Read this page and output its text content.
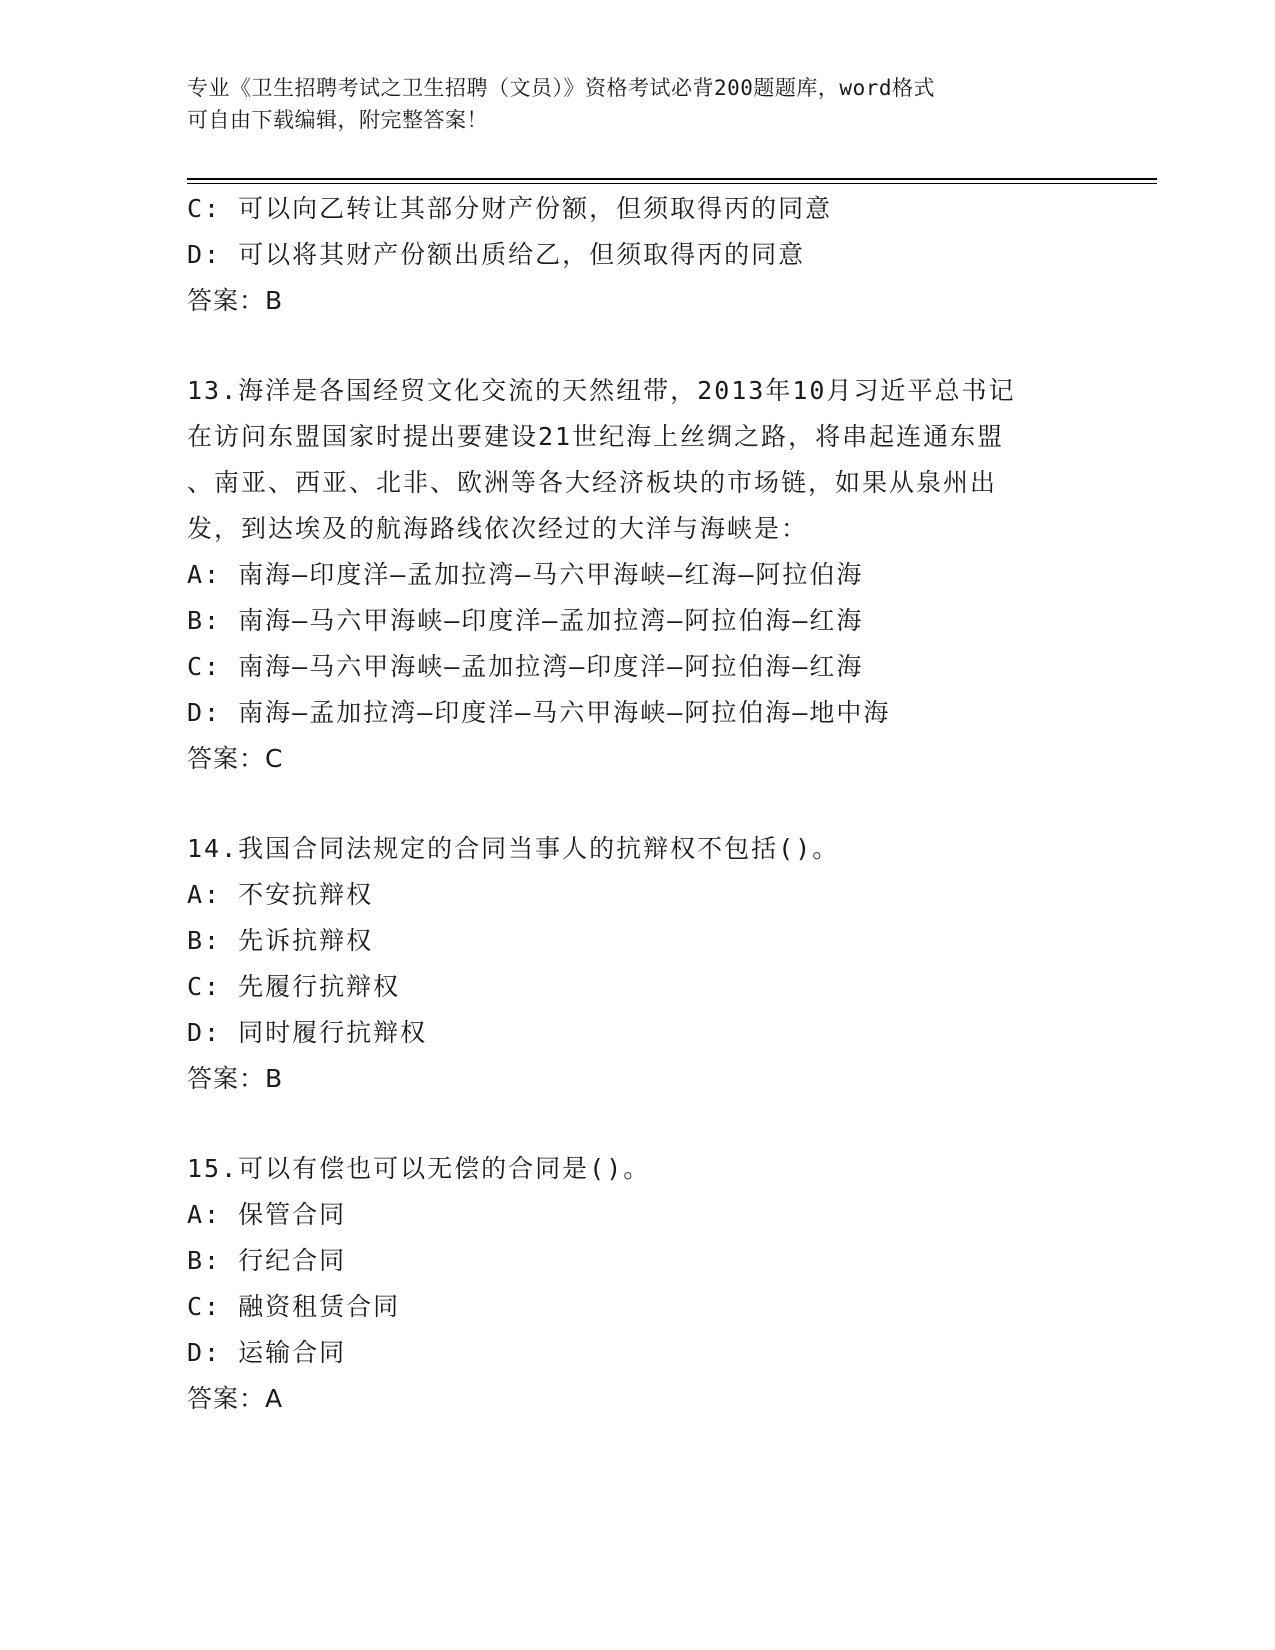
专业《卫生招聘考试之卫生招聘（文员）》资格考试必背200题题库，word格式
可自由下载编辑，附完整答案！
C: 可以向乙转让其部分财产份额，但须取得丙的同意
D: 可以将其财产份额出质给乙，但须取得丙的同意
答案：B
13.海洋是各国经贸文化交流的天然纽带，2013年10月习近平总书记
在访问东盟国家时提出要建设21世纪海上丝绸之路，将串起连通东盟
、南亚、西亚、北非、欧洲等各大经济板块的市场链，如果从泉州出
发，到达埃及的航海路线依次经过的大洋与海峡是：
A: 南海—印度洋—孟加拉湾—马六甲海峡—红海—阿拉伯海
B: 南海—马六甲海峡—印度洋—孟加拉湾—阿拉伯海—红海
C: 南海—马六甲海峡—孟加拉湾—印度洋—阿拉伯海—红海
D: 南海—孟加拉湾—印度洋—马六甲海峡—阿拉伯海—地中海
答案：C
14.我国合同法规定的合同当事人的抗辩权不包括()。
A: 不安抗辩权
B: 先诉抗辩权
C: 先履行抗辩权
D: 同时履行抗辩权
答案：B
15.可以有偿也可以无偿的合同是()。
A: 保管合同
B: 行纪合同
C: 融资租赁合同
D: 运输合同
答案：A
